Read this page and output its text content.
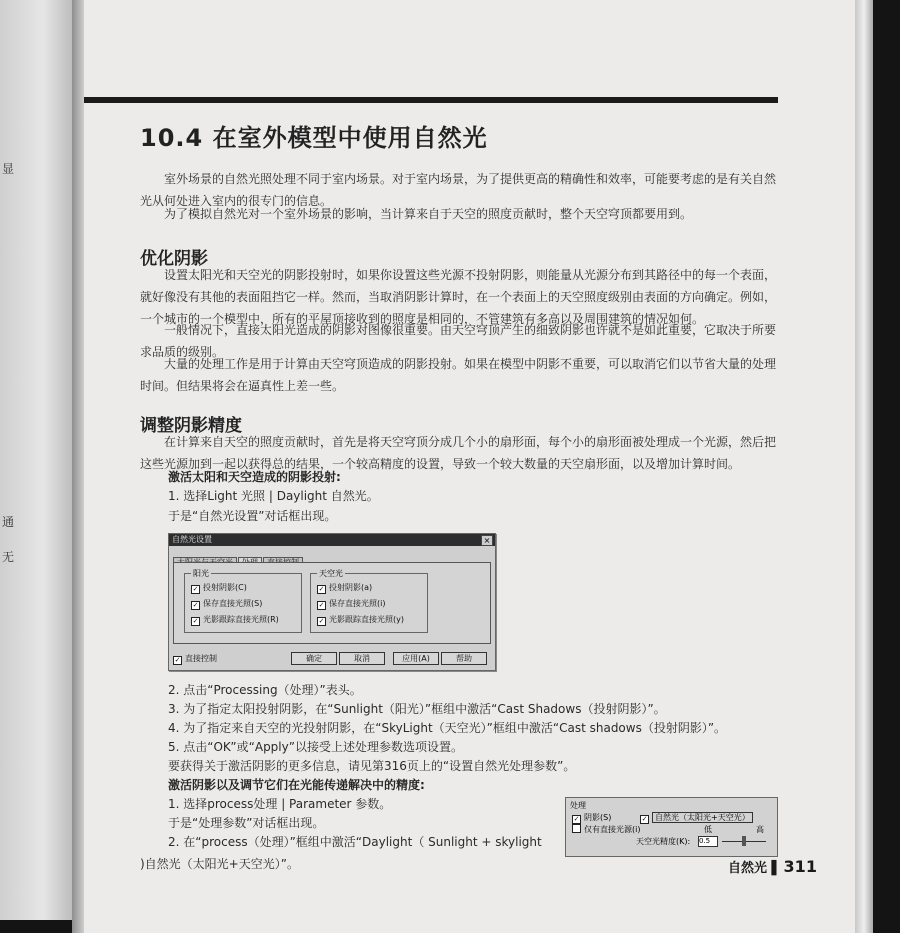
显
通
无
10.4 在室外模型中使用自然光

室外场景的自然光照处理不同于室内场景。对于室内场景，为了提供更高的精确性和效率，可能要考虑的是有关自然光从何处进入室内的很专门的信息。

为了模拟自然光对一个室外场景的影响，当计算来自于天空的照度贡献时，整个天空穹顶都要用到。

优化阴影

设置太阳光和天空光的阴影投射时，如果你设置这些光源不投射阴影，则能量从光源分布到其路径中的每一个表面，就好像没有其他的表面阻挡它一样。然而，当取消阴影计算时，在一个表面上的天空照度级别由表面的方向确定。例如，一个城市的一个模型中，所有的平屋顶接收到的照度是相同的，不管建筑有多高以及周围建筑的情况如何。

一般情况下，直接太阳光造成的阴影对图像很重要。由天空穹顶产生的细致阴影也许就不是如此重要，它取决于所要求品质的级别。

大量的处理工作是用于计算由天空穹顶造成的阴影投射。如果在模型中阴影不重要，可以取消它们以节省大量的处理时间。但结果将会在逼真性上差一些。

调整阴影精度

在计算来自天空的照度贡献时，首先是将天空穹顶分成几个小的扇形面，每个小的扇形面被处理成一个光源，然后把这些光源加到一起以获得总的结果，一个较高精度的设置，导致一个较大数量的天空扇形面，以及增加计算时间。

激活太阳和天空造成的阴影投射:

1. 选择Light 光照 | Daylight 自然光。

于是“自然光设置”对话框出现。

自然光设置	×
阳光
✓ 投射阴影(C)
✓ 保存直接光照(S)
✓ 光影跟踪直接光照(R)
天空光
✓ 投射阴影(a)
✓ 保存直接光照(i)
✓ 光影跟踪直接光照(y)
✓ 直接控制	确定	取消	应用(A)	帮助

2. 点击“Processing（处理）”表头。

3. 为了指定太阳投射阴影，在“Sunlight（阳光）”框组中激活“Cast Shadows（投射阴影）”。

4. 为了指定来自天空的光投射阴影，在“SkyLight（天空光）”框组中激活“Cast shadows（投射阴影）”。

5. 点击“OK”或“Apply”以接受上述处理参数选项设置。

要获得关于激活阴影的更多信息，请见第316页上的“设置自然光处理参数”。

激活阴影以及调节它们在光能传递解决中的精度:

1. 选择process处理 | Parameter 参数。

于是“处理参数”对话框出现。

2. 在“process（处理）”框组中激活“Daylight（ Sunlight + skylight )自然光（太阳光+天空光）”。

处理
✓ 阴影(S)	✓ 自然光（太阳光+天空光）
仅有直接光源(i)	低	高
天空光精度(K): 0.5
自然光 ▌ 311
